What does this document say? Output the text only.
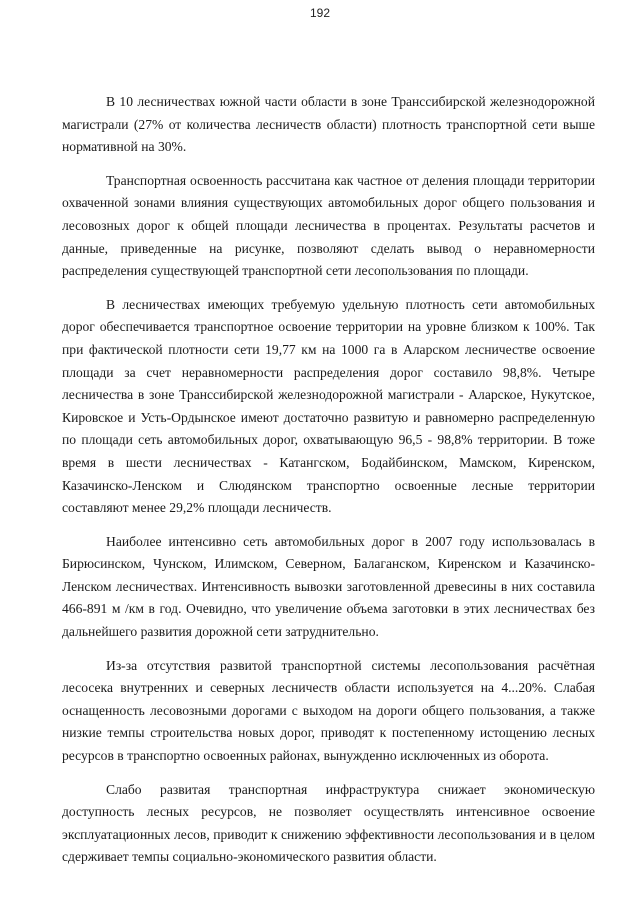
192

В 10 лесничествах южной части области в зоне Транссибирской железнодорожной магистрали (27% от количества лесничеств области) плотность транспортной сети выше нормативной на 30%.

Транспортная освоенность рассчитана как частное от деления площади территории охваченной зонами влияния существующих автомобильных дорог общего пользования и лесовозных дорог к общей площади лесничества в процентах. Результаты расчетов и данные, приведенные на рисунке, позволяют сделать вывод о неравномерности распределения существующей транспортной сети лесопользования по площади.

В лесничествах имеющих требуемую удельную плотность сети автомобильных дорог обеспечивается транспортное освоение территории на уровне близком к 100%. Так при фактической плотности сети 19,77 км на 1000 га в Аларском лесничестве освоение площади за счет неравномерности распределения дорог составило 98,8%. Четыре лесничества в зоне Транссибирской железнодорожной магистрали - Аларское, Нукутское, Кировское и Усть-Ордынское имеют достаточно развитую и равномерно распределенную по площади сеть автомобильных дорог, охватывающую 96,5 - 98,8% территории. В тоже время в шести лесничествах - Катангском, Бодайбинском, Мамском, Киренском, Казачинско-Ленском и Слюдянском транспортно освоенные лесные территории составляют менее 29,2% площади лесничеств.

Наиболее интенсивно сеть автомобильных дорог в 2007 году использовалась в Бирюсинском, Чунском, Илимском, Северном, Балаганском, Киренском и Казачинско-Ленском лесничествах. Интенсивность вывозки заготовленной древесины в них составила 466-891 м /км в год. Очевидно, что увеличение объема заготовки в этих лесничествах без дальнейшего развития дорожной сети затруднительно.

Из-за отсутствия развитой транспортной системы лесопользования расчётная лесосека внутренних и северных лесничеств области используется на 4...20%. Слабая оснащенность лесовозными дорогами с выходом на дороги общего пользования, а также низкие темпы строительства новых дорог, приводят к постепенному истощению лесных ресурсов в транспортно освоенных районах, вынужденно исключенных из оборота.

Слабо развитая транспортная инфраструктура снижает экономическую доступность лесных ресурсов, не позволяет осуществлять интенсивное освоение эксплуатационных лесов, приводит к снижению эффективности лесопользования и в целом сдерживает темпы социально-экономического развития области.
